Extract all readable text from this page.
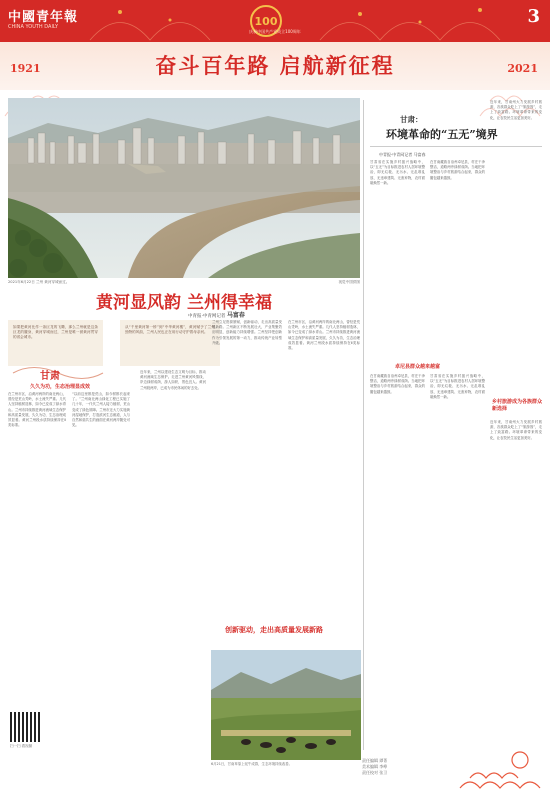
中國青年報
CHINA YOUTH DAILY	100
庆祝中国共产党成立100周年
3
1921	2021
奋斗百年路 启航新征程
2021年6月22日 兰州 黄河穿城而过。	视觉中国供图
黄河显风韵 兰州得幸福
中青报·中青网记者 马富春
如果把黄河比作一条巨龙的飞腾，那么兰州就是这条巨龙的腰身，黄河穿城而过，兰州是唯一被黄河贯穿的省会城市。
从“千里黄河第一桥”到“中华黄河楼”，黄河赋予了兰州独特的风韵，兰州人民也正在用行动守护着母亲河。
甘肃
久久为功，生态治理显成效
在兰州市区，沿黄河两岸的南北两山，曾经是荒山秃岭，水土流失严重。几代人坚持植树造林，如今已变成了绿水青山。兰州市持续推进黄河流域生态保护和高质量发展，久久为功，生态治理成效显著。黄河兰州段水质持续保持在Ⅱ类标准。
“以前这里都是荒山，如今树都长起来了。”兰州南北两山绿化工程已实施了几十年，一代代兰州人接力植树，荒山变成了绿色屏障。兰州市还大力实施黄河湿地保护，打造滨河生态廊道，人与自然和谐共生的画面在黄河两岸随处可见。
近年来，兰州以建设生态文明为目标，推动黄河流域生态保护。走进兰州黄河风情线，岸边绿树成荫，游人如织，景色宜人。黄河兰州段两岸，已成为市民休闲的好去处。
兰州立足资源禀赋，创新驱动，走出高质量发展新路。兰州新区不断发展壮大，产业集聚效应明显，创新能力持续增强。兰州坚持把创新作为引领发展的第一动力，推动传统产业转型升级。
在兰州市区，沿黄河两岸的南北两山，曾经是荒山秃岭，水土流失严重。几代人坚持植树造林，如今已变成了绿水青山。兰州市持续推进黄河流域生态保护和高质量发展，久久为功，生态治理成效显著。黄河兰州段水质持续保持在Ⅱ类标准。
创新驱动，走出高质量发展新路
扫一扫 看视频
6月21日，甘南草原上牦牛成群，生态环境持续改善。
甘肃：
环境革命的“五无”境界
中青报·中青网记者 马富春
甘肃省在实施乡村振兴战略中，以“五无”为目标推进农村人居环境整治，即无垃圾、无污水、无乱堆乱放、无违章建筑、无废弃物，农村面貌焕然一新。
在甘南藏族自治州卓尼县，村庄干净整洁，道路两旁绿树成荫。当地把环境整治与乡村旅游结合起来，群众的腰包越来越鼓。
近年来，甘南州大力发展乡村旅游，各族群众吃上了“旅游饭”，走上了致富路。环境革命带来的变化，让农牧民生活更加美好。
卓尼县群众越来越富
在甘南藏族自治州卓尼县，村庄干净整洁，道路两旁绿树成荫。当地把环境整治与乡村旅游结合起来，群众的腰包越来越鼓。
甘肃省在实施乡村振兴战略中，以“五无”为目标推进农村人居环境整治，即无垃圾、无污水、无乱堆乱放、无违章建筑、无废弃物，农村面貌焕然一新。
乡村旅游成为各族群众新选择
近年来，甘南州大力发展乡村旅游，各族群众吃上了“旅游饭”，走上了致富路。环境革命带来的变化，让农牧民生活更加美好。
责任编辑 谭菁
美术编辑 李峥
责任校对 张卫
